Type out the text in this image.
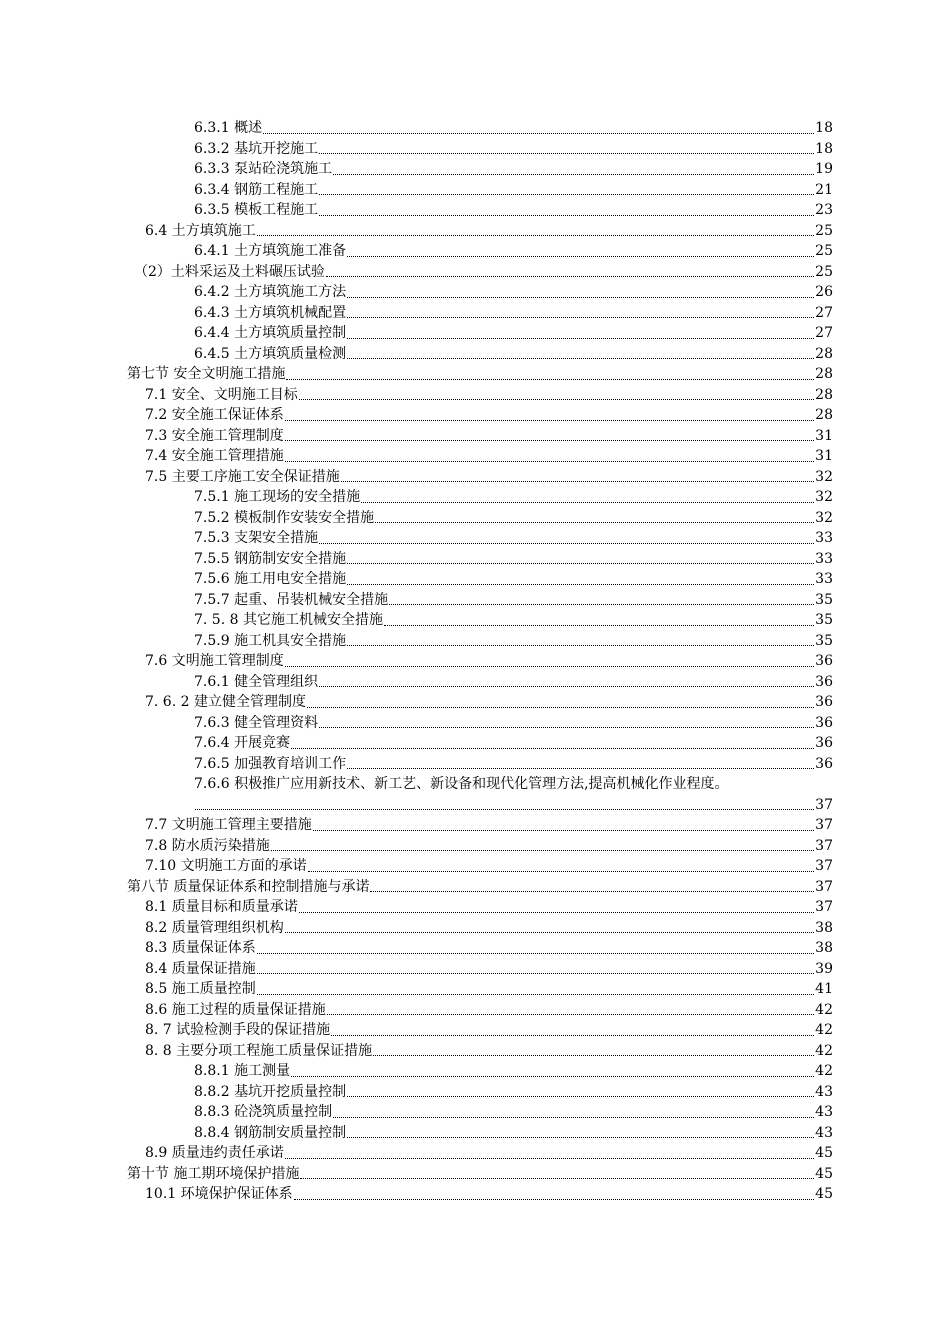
6.3.1 概述	18
6.3.2 基坑开挖施工	18
6.3.3 泵站砼浇筑施工	19
6.3.4 钢筋工程施工	21
6.3.5 模板工程施工	23
6.4 土方填筑施工	25
6.4.1 土方填筑施工准备	25
（2）土料采运及土料碾压试验	25
6.4.2 土方填筑施工方法	26
6.4.3 土方填筑机械配置	27
6.4.4 土方填筑质量控制	27
6.4.5 土方填筑质量检测	28
第七节 安全文明施工措施	28
7.1 安全、文明施工目标	28
7.2 安全施工保证体系	28
7.3 安全施工管理制度	31
7.4 安全施工管理措施	31
7.5 主要工序施工安全保证措施	32
7.5.1 施工现场的安全措施	32
7.5.2 模板制作安装安全措施	32
7.5.3 支架安全措施	33
7.5.5 钢筋制安安全措施	33
7.5.6 施工用电安全措施	33
7.5.7 起重、吊装机械安全措施	35
7. 5. 8 其它施工机械安全措施	35
7.5.9 施工机具安全措施	35
7.6 文明施工管理制度	36
7.6.1 健全管理组织	36
7. 6. 2 建立健全管理制度	36
7.6.3 健全管理资料	36
7.6.4 开展竞赛	36
7.6.5 加强教育培训工作	36
7.6.6 积极推广应用新技术、新工艺、新设备和现代化管理方法,提高机械化作业程度。
37
7.7 文明施工管理主要措施	37
7.8 防水质污染措施	37
7.10 文明施工方面的承诺	37
第八节 质量保证体系和控制措施与承诺	37
8.1 质量目标和质量承诺	37
8.2 质量管理组织机构	38
8.3 质量保证体系	38
8.4 质量保证措施	39
8.5 施工质量控制	41
8.6 施工过程的质量保证措施	42
8. 7 试验检测手段的保证措施	42
8. 8 主要分项工程施工质量保证措施	42
8.8.1 施工测量	42
8.8.2 基坑开挖质量控制	43
8.8.3 砼浇筑质量控制	43
8.8.4 钢筋制安质量控制	43
8.9 质量违约责任承诺	45
第十节 施工期环境保护措施	45
10.1 环境保护保证体系	45
